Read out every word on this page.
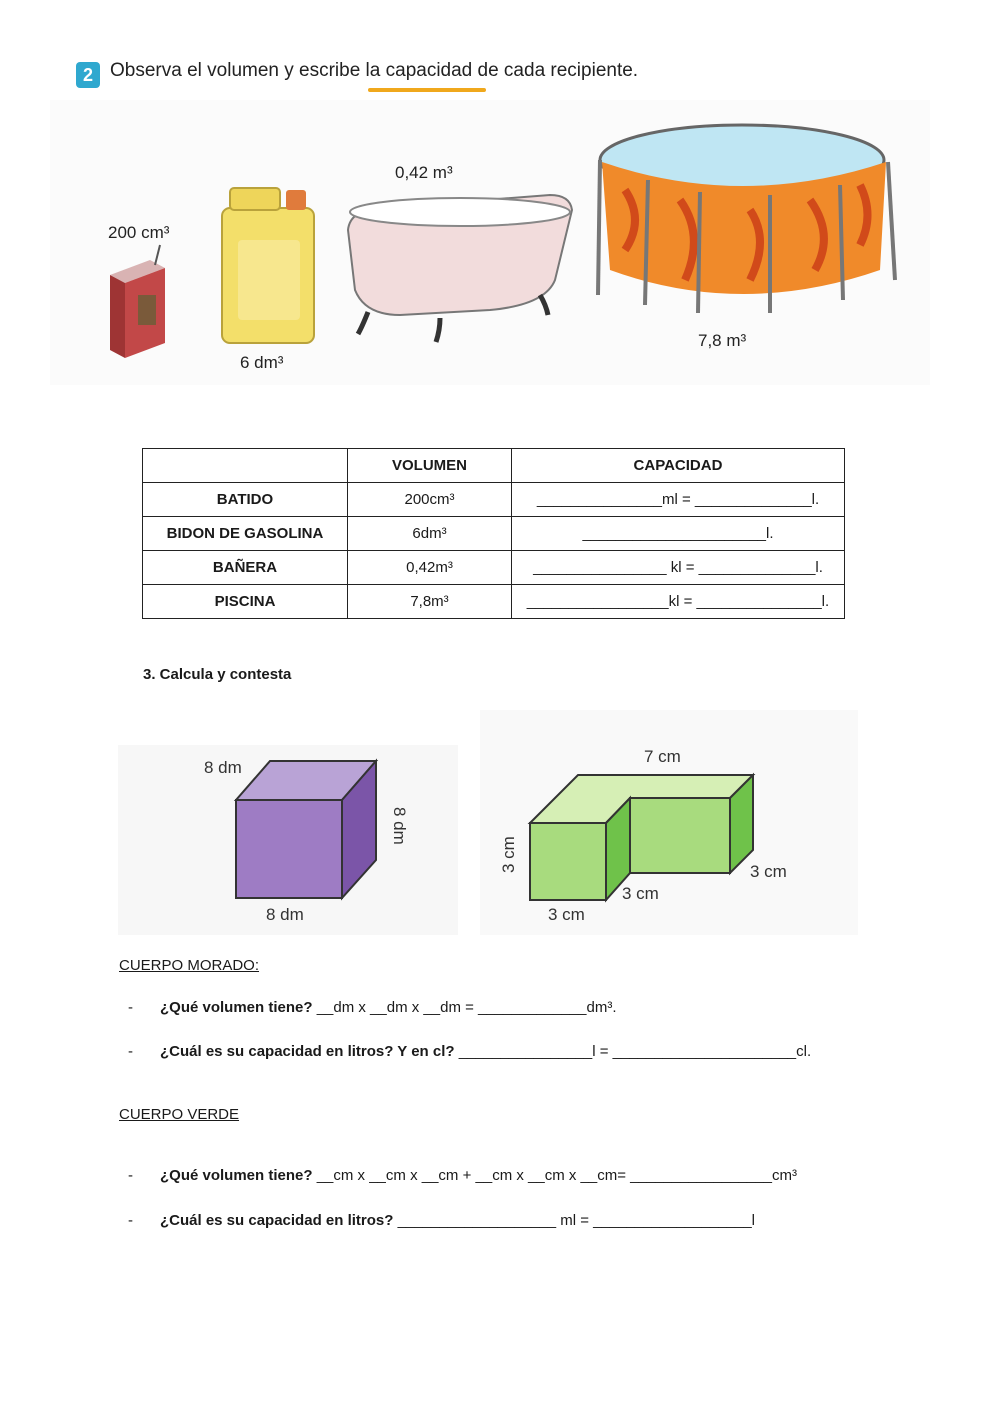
2 Observa el volumen y escribe la capacidad de cada recipiente.
200 cm³
6 dm³
0,42 m³
7,8 m³
	VOLUMEN	CAPACIDAD
BATIDO	200cm³	_______________ml = ______________l.
BIDON DE GASOLINA	6dm³	______________________l.
BAÑERA	0,42m³	________________ kl = ______________l.
PISCINA	7,8m³	_________________kl = _______________l.
3. Calcula y contesta
8 dm
8 dm
8 dm
7 cm
3 cm	3 cm
3 cm
3 cm
CUERPO MORADO:
- ¿Qué volumen tiene? __dm x __dm x __dm = _____________dm³.
- ¿Cuál es su capacidad en litros? Y en cl? ________________l = ______________________cl.
CUERPO VERDE
- ¿Qué volumen tiene? __cm x __cm x __cm + __cm x __cm x __cm= _________________cm³
- ¿Cuál es su capacidad en litros? ___________________ ml = ___________________l
